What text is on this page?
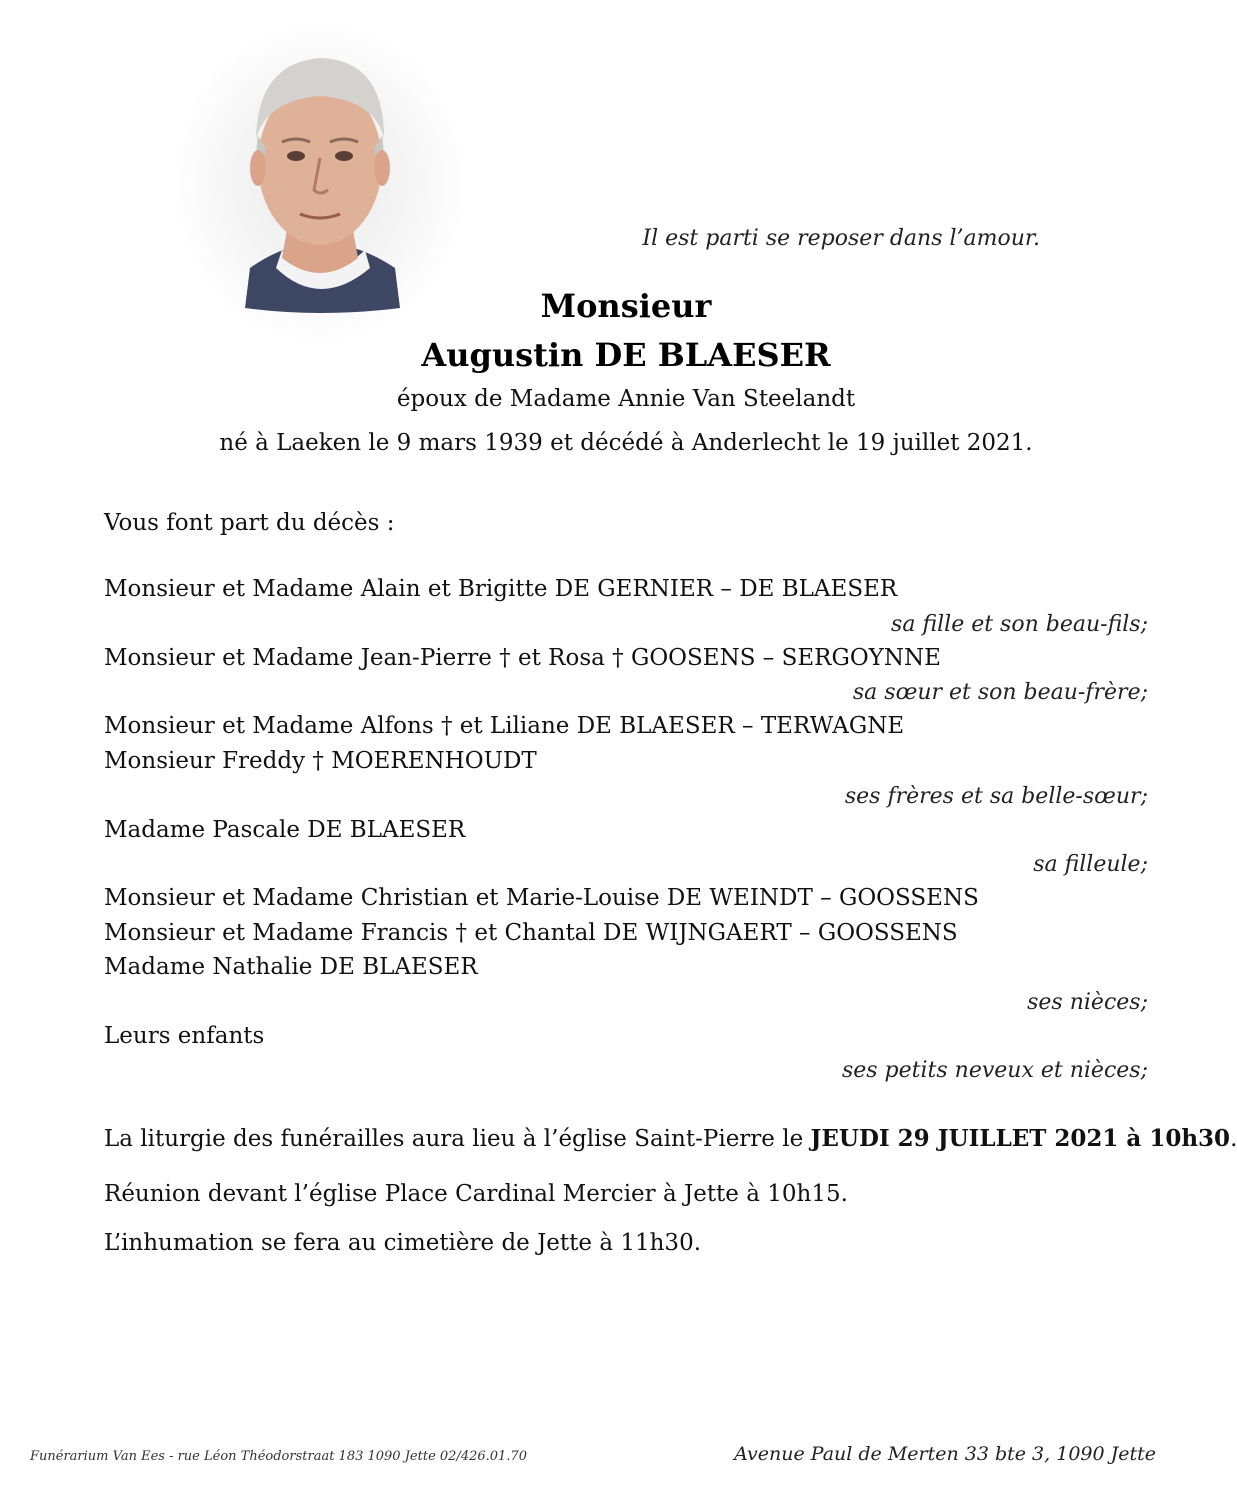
Il est parti se reposer dans l’amour.
Monsieur
Augustin DE BLAESER
époux de Madame Annie Van Steelandt
né à Laeken le 9 mars 1939 et décédé à Anderlecht le 19 juillet 2021.
Vous font part du décès :
Monsieur et Madame Alain et Brigitte DE GERNIER – DE BLAESER
sa fille et son beau-fils;
Monsieur et Madame Jean-Pierre † et Rosa † GOOSENS – SERGOYNNE
sa sœur et son beau-frère;
Monsieur et Madame Alfons † et Liliane DE BLAESER – TERWAGNE
Monsieur Freddy † MOERENHOUDT
ses frères et sa belle-sœur;
Madame Pascale DE BLAESER
sa filleule;
Monsieur et Madame Christian et Marie-Louise DE WEINDT – GOOSSENS
Monsieur et Madame Francis † et Chantal DE WIJNGAERT – GOOSSENS
Madame Nathalie DE BLAESER
ses nièces;
Leurs enfants
ses petits neveux et nièces;
La liturgie des funérailles aura lieu à l’église Saint-Pierre le JEUDI 29 JUILLET 2021 à 10h30.
Réunion devant l’église Place Cardinal Mercier à Jette à 10h15.
L’inhumation se fera au cimetière de Jette à 11h30.
Funérarium Van Ees - rue Léon Théodorstraat 183 1090 Jette 02/426.01.70	Avenue Paul de Merten 33 bte 3, 1090 Jette
